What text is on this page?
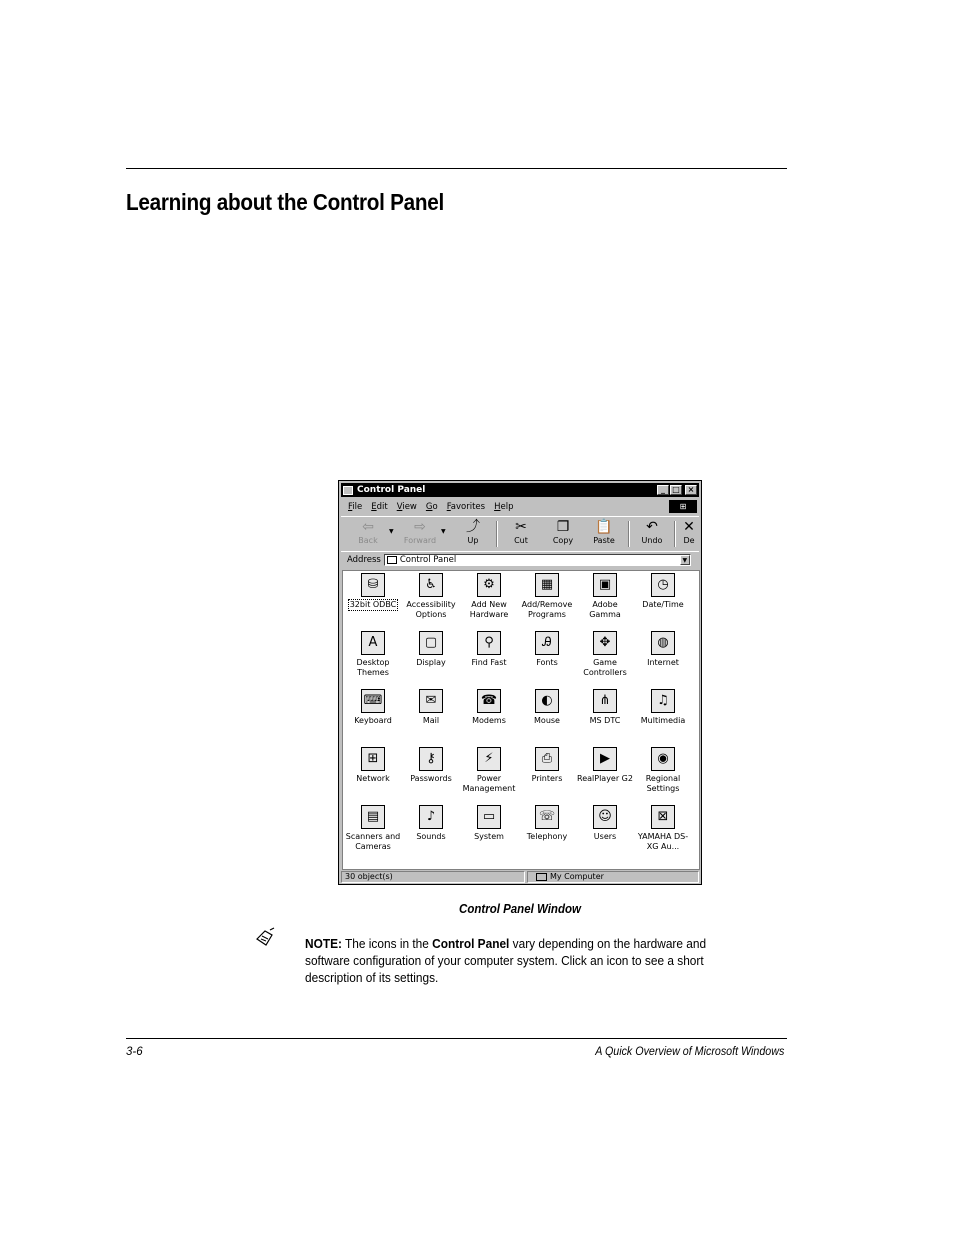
Learning about the Control Panel
Control Panel	_ □ ×
File Edit View Go Favorites Help	⊞
⇦
Back
▼	⇨
Forward
▼	⤴
Up
✂
Cut
❐
Copy
📋
Paste
↶
Undo
✕
De
Address Control Panel	▼
⛁
32bit ODBC
♿
Accessibility Options
⚙
Add New Hardware
▦
Add/Remove Programs
▣
Adobe Gamma
◷
Date/Time
A
Desktop Themes
▢
Display
⚲
Find Fast
Ꭿ
Fonts
✥
Game Controllers
◍
Internet
⌨
Keyboard
✉
Mail
☎
Modems
◐
Mouse
⋔
MS DTC
♫
Multimedia
⊞
Network
⚷
Passwords
⚡
Power Management
⎙
Printers
▶
RealPlayer G2
◉
Regional Settings
▤
Scanners and Cameras
♪
Sounds
▭
System
☏
Telephony
☺
Users
⊠
YAMAHA DS-XG Au...
30 object(s)	My Computer
Control Panel Window
NOTE: The icons in the Control Panel vary depending on the hardware and software configuration of your computer system. Click an icon to see a short description of its settings.
3-6	A Quick Overview of Microsoft Windows
